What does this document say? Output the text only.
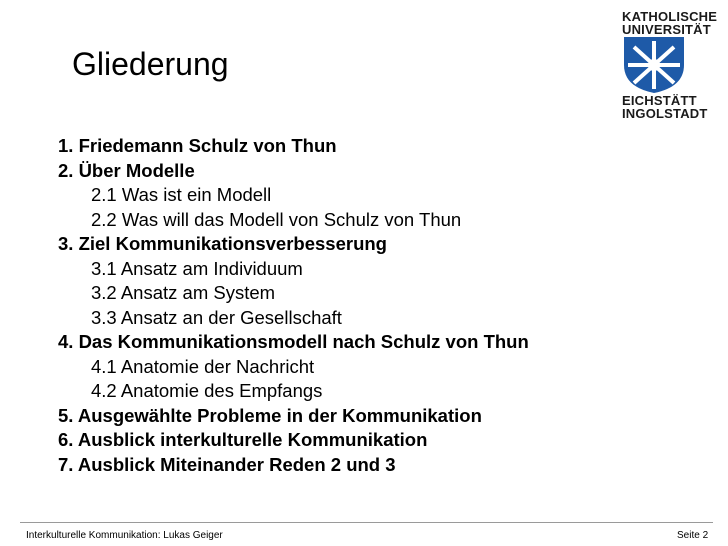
Gliederung
KATHOLISCHE
UNIVERSITÄT
EICHSTÄTT
INGOLSTADT
1. Friedemann Schulz von Thun
2. Über Modelle
2.1 Was ist ein Modell
2.2 Was will das Modell von Schulz von Thun
3. Ziel Kommunikationsverbesserung
3.1 Ansatz am Individuum
3.2 Ansatz am System
3.3 Ansatz an der Gesellschaft
4. Das Kommunikationsmodell nach Schulz von Thun
4.1 Anatomie der Nachricht
4.2 Anatomie des Empfangs
5. Ausgewählte Probleme in der Kommunikation
6. Ausblick interkulturelle Kommunikation
7. Ausblick Miteinander Reden 2 und 3
Interkulturelle Kommunikation: Lukas Geiger	Seite 2
